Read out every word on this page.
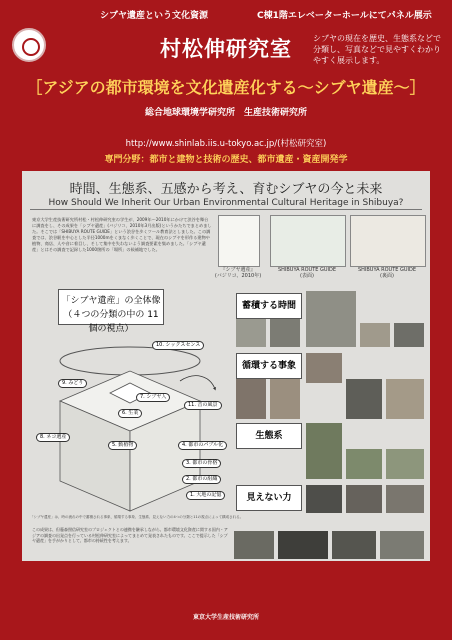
シブヤ遺産という文化資源	C棟1階エレベーターホールにてパネル展示
村松伸研究室	シブヤの現在を歴史、生態系などで分類し、写真などで見やすくわかりやすく展示します。
［アジアの都市環境を文化遺産化する〜シブヤ遺産〜］
総合地球環境学研究所　生産技術研究所
http://www.shinlab.iis.u-tokyo.ac.jp/(村松研究室)
専門分野：都市と建物と技術の歴史、都市遺産・資産開発学
時間、生態系、五感から考え、育むシブヤの今と未来
How Should We Inherit Our Urban Environmental Cultural Heritage in Shibuya?
東京大学生産技術研究所村松・村松伸研究室の学生が、2009年〜2010年にかけて渋谷を舞台に調査をし、その成果を「シブヤ遺産」(バジリコ、2010年3月出版)というかたちでまとめました。そこでは「SHIBUYA ROUTE GUIDE」という渋谷を歩くツール教育法としました。この調査では、渋谷駅を中心とした半径1000mをくまなく歩くことで、現在のシブヤを形作る建物や植物、商店、人や音に着目し、そして集中を失わないよう調査要素を集めました。「シブヤ遺産」とはその調査で記録した1000箇所の「場所」の候補地でした。
『シブヤ遺産』
(バジリコ、2010年)
SHIBUYA ROUTE GUIDE
(表面)
SHIBUYA ROUTE GUIDE
(裏面)
「シブヤ遺産」の全体像
（４つの分類の中の 11 個の視点）
10. シックスセンス
9. みどり
7. シブヤ人
6. 生業
11. 音の風景
8. ネコ遺産
5. 動植物	4. 都市のパブル化
3. 都市の骨格
2. 都市の組織
1. 大地の記憶
蓄積する時間
循環する事象
生態系
見えない力
「シブヤ遺産」は、時の流れの中で蓄積される事象、循環する事象、生態系、見えない力の4つの分類と11の視点によって構成される。
この成果は、但藤森照信研究室のプロジェクトとの連携を継承しながら、都市環境文化資産に関する国内・アジアの調査の出発点を行っている村松伸研究室によってまとめて発表されたものです。ここで提示した「シブヤ遺産」を手がかりとして、都市の持続性を考えます。
東京大学生産技術研究所
